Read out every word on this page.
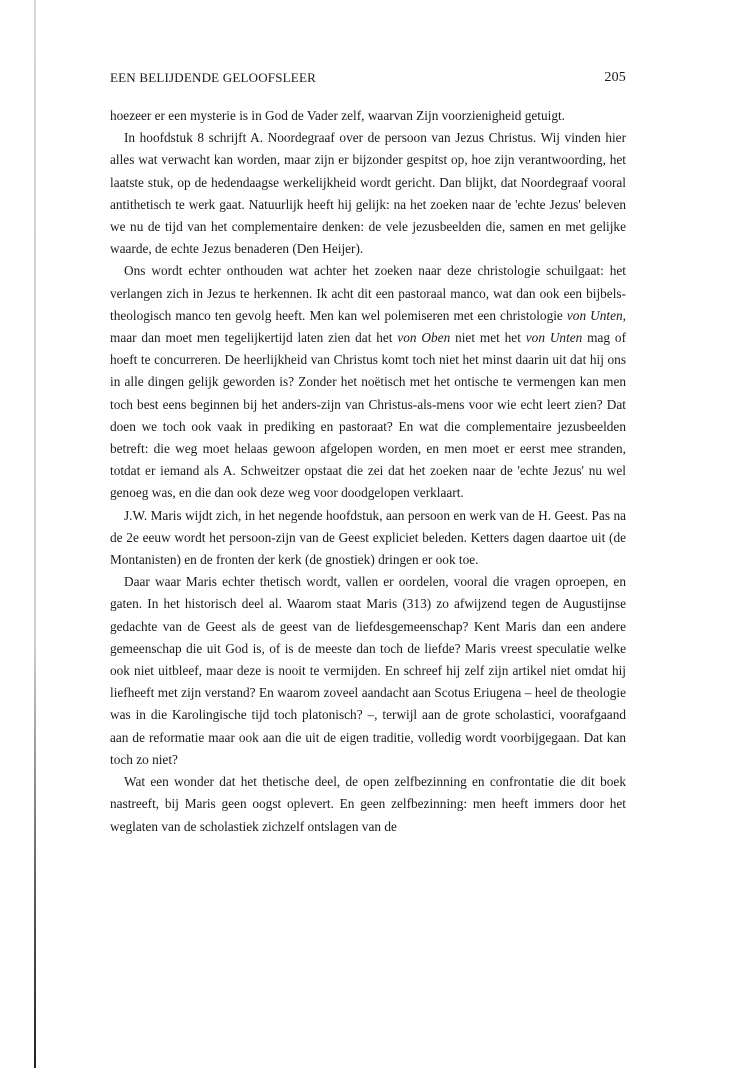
EEN BELIJDENDE GELOOFSLEER	205

hoezeer er een mysterie is in God de Vader zelf, waarvan Zijn voorzienigheid getuigt.

In hoofdstuk 8 schrijft A. Noordegraaf over de persoon van Jezus Christus. Wij vinden hier alles wat verwacht kan worden, maar zijn er bijzonder gespitst op, hoe zijn verantwoording, het laatste stuk, op de hedendaagse werkelijkheid wordt gericht. Dan blijkt, dat Noordegraaf vooral antithetisch te werk gaat. Natuurlijk heeft hij gelijk: na het zoeken naar de 'echte Jezus' beleven we nu de tijd van het complementaire denken: de vele jezusbeelden die, samen en met gelijke waarde, de echte Jezus benaderen (Den Heijer).

Ons wordt echter onthouden wat achter het zoeken naar deze christologie schuilgaat: het verlangen zich in Jezus te herkennen. Ik acht dit een pastoraal manco, wat dan ook een bijbels-theologisch manco ten gevolg heeft. Men kan wel polemiseren met een christologie von Unten, maar dan moet men tegelijkertijd laten zien dat het von Oben niet met het von Unten mag of hoeft te concurreren. De heerlijkheid van Christus komt toch niet het minst daarin uit dat hij ons in alle dingen gelijk geworden is? Zonder het noëtisch met het ontische te vermengen kan men toch best eens beginnen bij het anders-zijn van Christus-als-mens voor wie echt leert zien? Dat doen we toch ook vaak in prediking en pastoraat? En wat die complementaire jezusbeelden betreft: die weg moet helaas gewoon afgelopen worden, en men moet er eerst mee stranden, totdat er iemand als A. Schweitzer opstaat die zei dat het zoeken naar de 'echte Jezus' nu wel genoeg was, en die dan ook deze weg voor doodgelopen verklaart.

J.W. Maris wijdt zich, in het negende hoofdstuk, aan persoon en werk van de H. Geest. Pas na de 2e eeuw wordt het persoon-zijn van de Geest expliciet beleden. Ketters dagen daartoe uit (de Montanisten) en de fronten der kerk (de gnostiek) dringen er ook toe.

Daar waar Maris echter thetisch wordt, vallen er oordelen, vooral die vragen oproepen, en gaten. In het historisch deel al. Waarom staat Maris (313) zo afwijzend tegen de Augustijnse gedachte van de Geest als de geest van de liefdesgemeenschap? Kent Maris dan een andere gemeenschap die uit God is, of is de meeste dan toch de liefde? Maris vreest speculatie welke ook niet uitbleef, maar deze is nooit te vermijden. En schreef hij zelf zijn artikel niet omdat hij liefheeft met zijn verstand? En waarom zoveel aandacht aan Scotus Eriugena – heel de theologie was in die Karolingische tijd toch platonisch? –, terwijl aan de grote scholastici, voorafgaand aan de reformatie maar ook aan die uit de eigen traditie, volledig wordt voorbijgegaan. Dat kan toch zo niet?

Wat een wonder dat het thetische deel, de open zelfbezinning en confrontatie die dit boek nastreeft, bij Maris geen oogst oplevert. En geen zelfbezinning: men heeft immers door het weglaten van de scholastiek zichzelf ontslagen van de
